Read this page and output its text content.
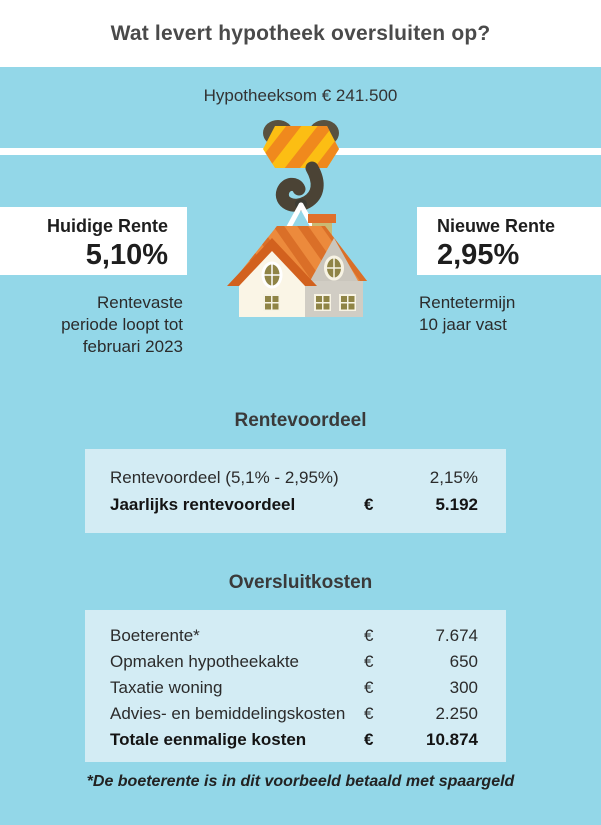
Wat levert hypotheek oversluiten op?
Hypotheeksom € 241.500
Huidige Rente
5,10%
Nieuwe Rente
2,95%
Rentevaste
periode loopt tot
februari 2023
Rentetermijn
10 jaar vast
Rentevoordeel
Rentevoordeel (5,1% - 2,95%)	2,15%
Jaarlijks rentevoordeel	€	5.192
Oversluitkosten
Boeterente*	€	7.674
Opmaken hypotheekakte	€	650
Taxatie woning	€	300
Advies- en bemiddelingskosten	€	2.250
Totale eenmalige kosten	€	10.874
*De boeterente is in dit voorbeeld betaald met spaargeld
